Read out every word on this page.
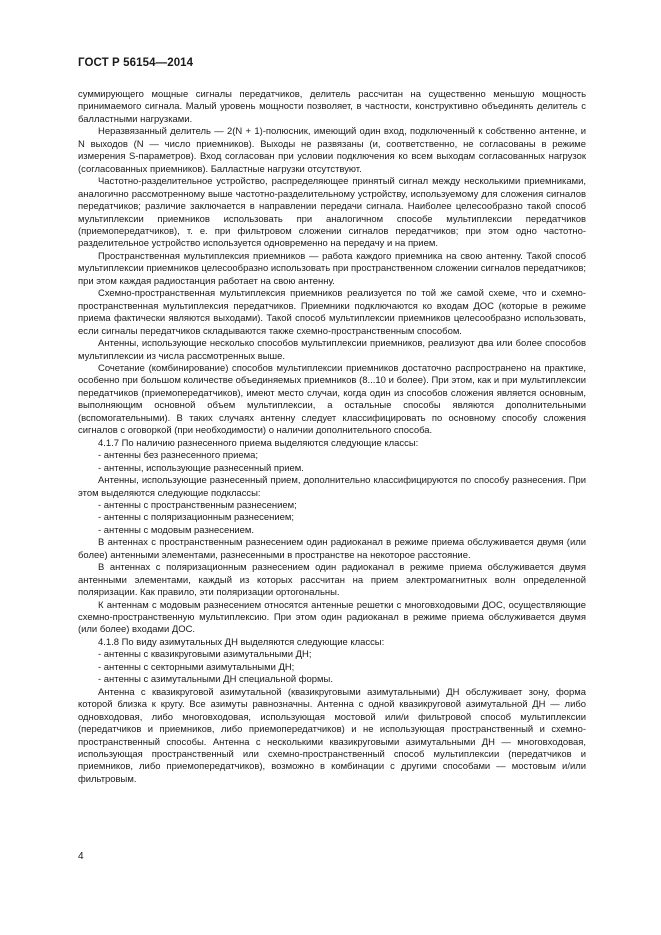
ГОСТ Р 56154—2014

суммирующего мощные сигналы передатчиков, делитель рассчитан на существенно меньшую мощность принимаемого сигнала. Малый уровень мощности позволяет, в частности, конструктивно объединять делитель с балластными нагрузками.

Неразвязанный делитель — 2(N + 1)-полюсник, имеющий один вход, подключенный к собственно антенне, и N выходов (N — число приемников). Выходы не развязаны (и, соответственно, не согласованы в режиме измерения S-параметров). Вход согласован при условии подключения ко всем выходам согласованных нагрузок (согласованных приемников). Балластные нагрузки отсутствуют.

Частотно-разделительное устройство, распределяющее принятый сигнал между несколькими приемниками, аналогично рассмотренному выше частотно-разделительному устройству, используемому для сложения сигналов передатчиков; различие заключается в направлении передачи сигнала. Наиболее целесообразно такой способ мультиплексии приемников использовать при аналогичном способе мультиплексии передатчиков (приемопередатчиков), т. е. при фильтровом сложении сигналов передатчиков; при этом одно частотно-разделительное устройство используется одновременно на передачу и на прием.

Пространственная мультиплексия приемников — работа каждого приемника на свою антенну. Такой способ мультиплексии приемников целесообразно использовать при пространственном сложении сигналов передатчиков; при этом каждая радиостанция работает на свою антенну.

Схемно-пространственная мультиплексия приемников реализуется по той же самой схеме, что и схемно-пространственная мультиплексия передатчиков. Приемники подключаются ко входам ДОС (которые в режиме приема фактически являются выходами). Такой способ мультиплексии приемников целесообразно использовать, если сигналы передатчиков складываются также схемно-пространственным способом.

Антенны, использующие несколько способов мультиплексии приемников, реализуют два или более способов мультиплексии из числа рассмотренных выше.

Сочетание (комбинирование) способов мультиплексии приемников достаточно распространено на практике, особенно при большом количестве объединяемых приемников (8...10 и более). При этом, как и при мультиплексии передатчиков (приемопередатчиков), имеют место случаи, когда один из способов сложения является основным, выполняющим основной объем мультиплексии, а остальные способы являются дополнительными (вспомогательными). В таких случаях антенну следует классифицировать по основному способу сложения сигналов с оговоркой (при необходимости) о наличии дополнительного способа.

4.1.7 По наличию разнесенного приема выделяются следующие классы:

- антенны без разнесенного приема;

- антенны, использующие разнесенный прием.

Антенны, использующие разнесенный прием, дополнительно классифицируются по способу разнесения. При этом выделяются следующие подклассы:

- антенны с пространственным разнесением;

- антенны с поляризационным разнесением;

- антенны с модовым разнесением.

В антеннах с пространственным разнесением один радиоканал в режиме приема обслуживается двумя (или более) антенными элементами, разнесенными в пространстве на некоторое расстояние.

В антеннах с поляризационным разнесением один радиоканал в режиме приема обслуживается двумя антенными элементами, каждый из которых рассчитан на прием электромагнитных волн определенной поляризации. Как правило, эти поляризации ортогональны.

К антеннам с модовым разнесением относятся антенные решетки с многовходовыми ДОС, осуществляющие схемно-пространственную мультиплексию. При этом один радиоканал в режиме приема обслуживается двумя (или более) входами ДОС.

4.1.8 По виду азимутальных ДН выделяются следующие классы:

- антенны с квазикруговыми азимутальными ДН;

- антенны с секторными азимутальными ДН;

- антенны с азимутальными ДН специальной формы.

Антенна с квазикруговой азимутальной (квазикруговыми азимутальными) ДН обслуживает зону, форма которой близка к кругу. Все азимуты равнозначны. Антенна с одной квазикруговой азимутальной ДН — либо одновходовая, либо многовходовая, использующая мостовой или/и фильтровой способ мультиплексии (передатчиков и приемников, либо приемопередатчиков) и не использующая пространственный и схемно-пространственный способы. Антенна с несколькими квазикруговыми азимутальными ДН — многовходовая, использующая пространственный или схемно-пространственный способ мультиплексии (передатчиков и приемников, либо приемопередатчиков), возможно в комбинации с другими способами — мостовым и/или фильтровым.

4
